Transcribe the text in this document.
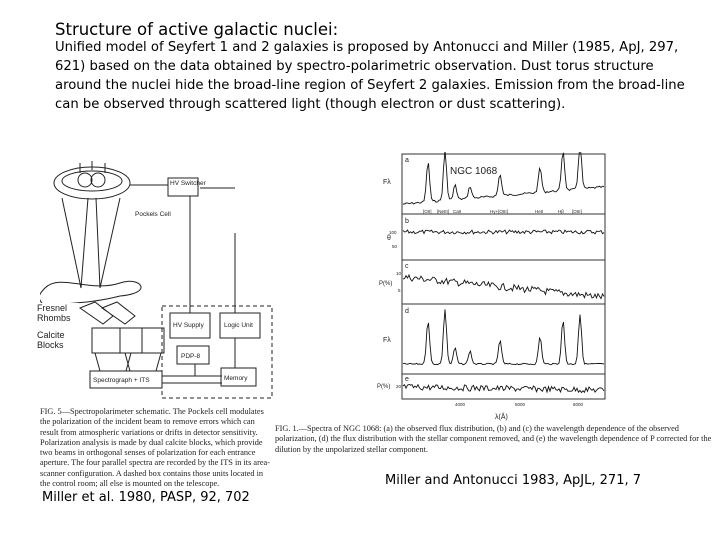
Structure of active galactic nuclei:
Unified model of Seyfert 1 and 2 galaxies is proposed by Antonucci and Miller (1985, ApJ, 297, 621) based on the data obtained by spectro-polarimetric observation. Dust torus structure around the nuclei hide the broad-line region of Seyfert 2 galaxies. Emission from the broad-line can be observed through scattered light (though electron or dust scattering).
HV Switcher
Pockels Cell
HV Supply	Logic Unit
PDP-8
Spectrograph + ITS	Memory
Fresnel Rhombs
Calcite Blocks
FIG. 5—Spectropolarimeter schematic. The Pockels cell modulates the polarization of the incident beam to remove errors which can result from atmospheric variations or drifts in detector sensitivity. Polarization analysis is made by dual calcite blocks, which provide two beams in orthogonal senses of polarization for each entrance aperture. The four parallel spectra are recorded by the ITS in its area-scanner configuration. A dashed box contains those units located in the control room; all else is mounted on the telescope.
Miller et al. 1980, PASP, 92, 702
NGC 1068
a
b
c
d
e
Fλ
θ
P(%)
Fλ
P(%)
[OII] [NeIII] CaII	Hγ+[OIII]	HeII	Hβ [OIII]
100
50
10
5
20
4000	5000	6000
λ(Å)
FIG. 1.—Spectra of NGC 1068: (a) the observed flux distribution, (b) and (c) the wavelength dependence of the observed polarization, (d) the flux distribution with the stellar component removed, and (e) the wavelength dependence of P corrected for the dilution by the unpolarized stellar component.
Miller and Antonucci 1983, ApJL, 271, 7
